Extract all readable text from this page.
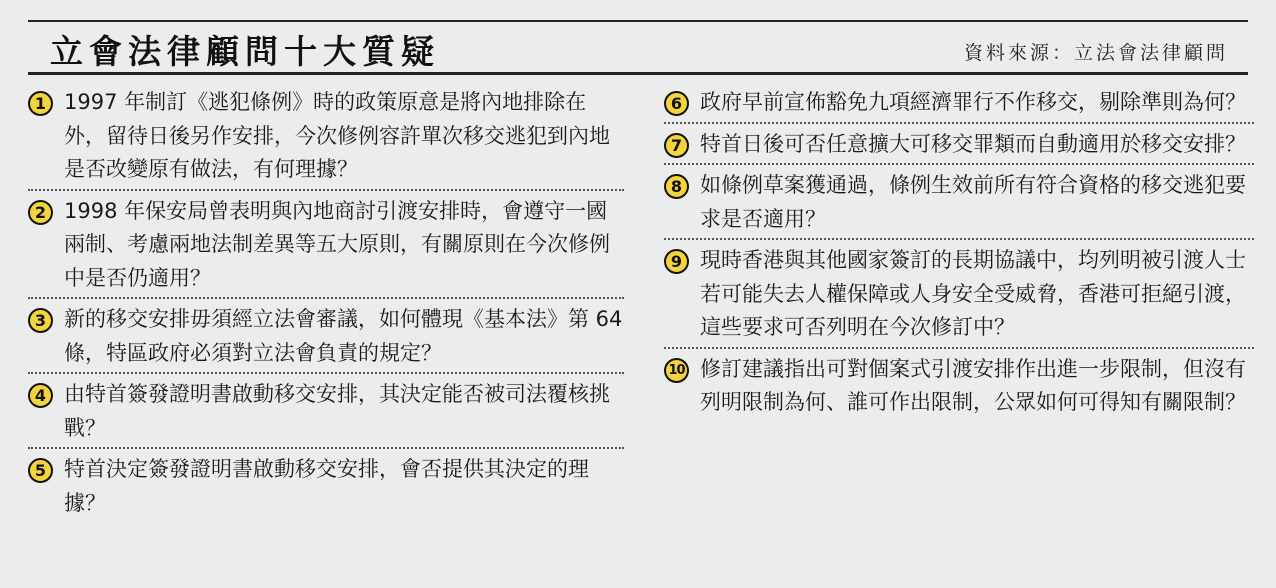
立會法律顧問十大質疑	資料來源：立法會法律顧問
1 1997 年制訂《逃犯條例》時的政策原意是將內地排除在外，留待日後另作安排，今次修例容許單次移交逃犯到內地是否改變原有做法，有何理據？
2 1998 年保安局曾表明與內地商討引渡安排時，會遵守一國兩制、考慮兩地法制差異等五大原則，有關原則在今次修例中是否仍適用？
3 新的移交安排毋須經立法會審議，如何體現《基本法》第 64 條，特區政府必須對立法會負責的規定？
4 由特首簽發證明書啟動移交安排，其決定能否被司法覆核挑戰？
5 特首決定簽發證明書啟動移交安排，會否提供其決定的理據？
6 政府早前宣佈豁免九項經濟罪行不作移交，剔除準則為何？
7 特首日後可否任意擴大可移交罪類而自動適用於移交安排？
8 如條例草案獲通過，條例生效前所有符合資格的移交逃犯要求是否適用？
9 現時香港與其他國家簽訂的長期協議中，均列明被引渡人士若可能失去人權保障或人身安全受威脅，香港可拒絕引渡，這些要求可否列明在今次修訂中？
10 修訂建議指出可對個案式引渡安排作出進一步限制，但沒有列明限制為何、誰可作出限制，公眾如何可得知有關限制？
